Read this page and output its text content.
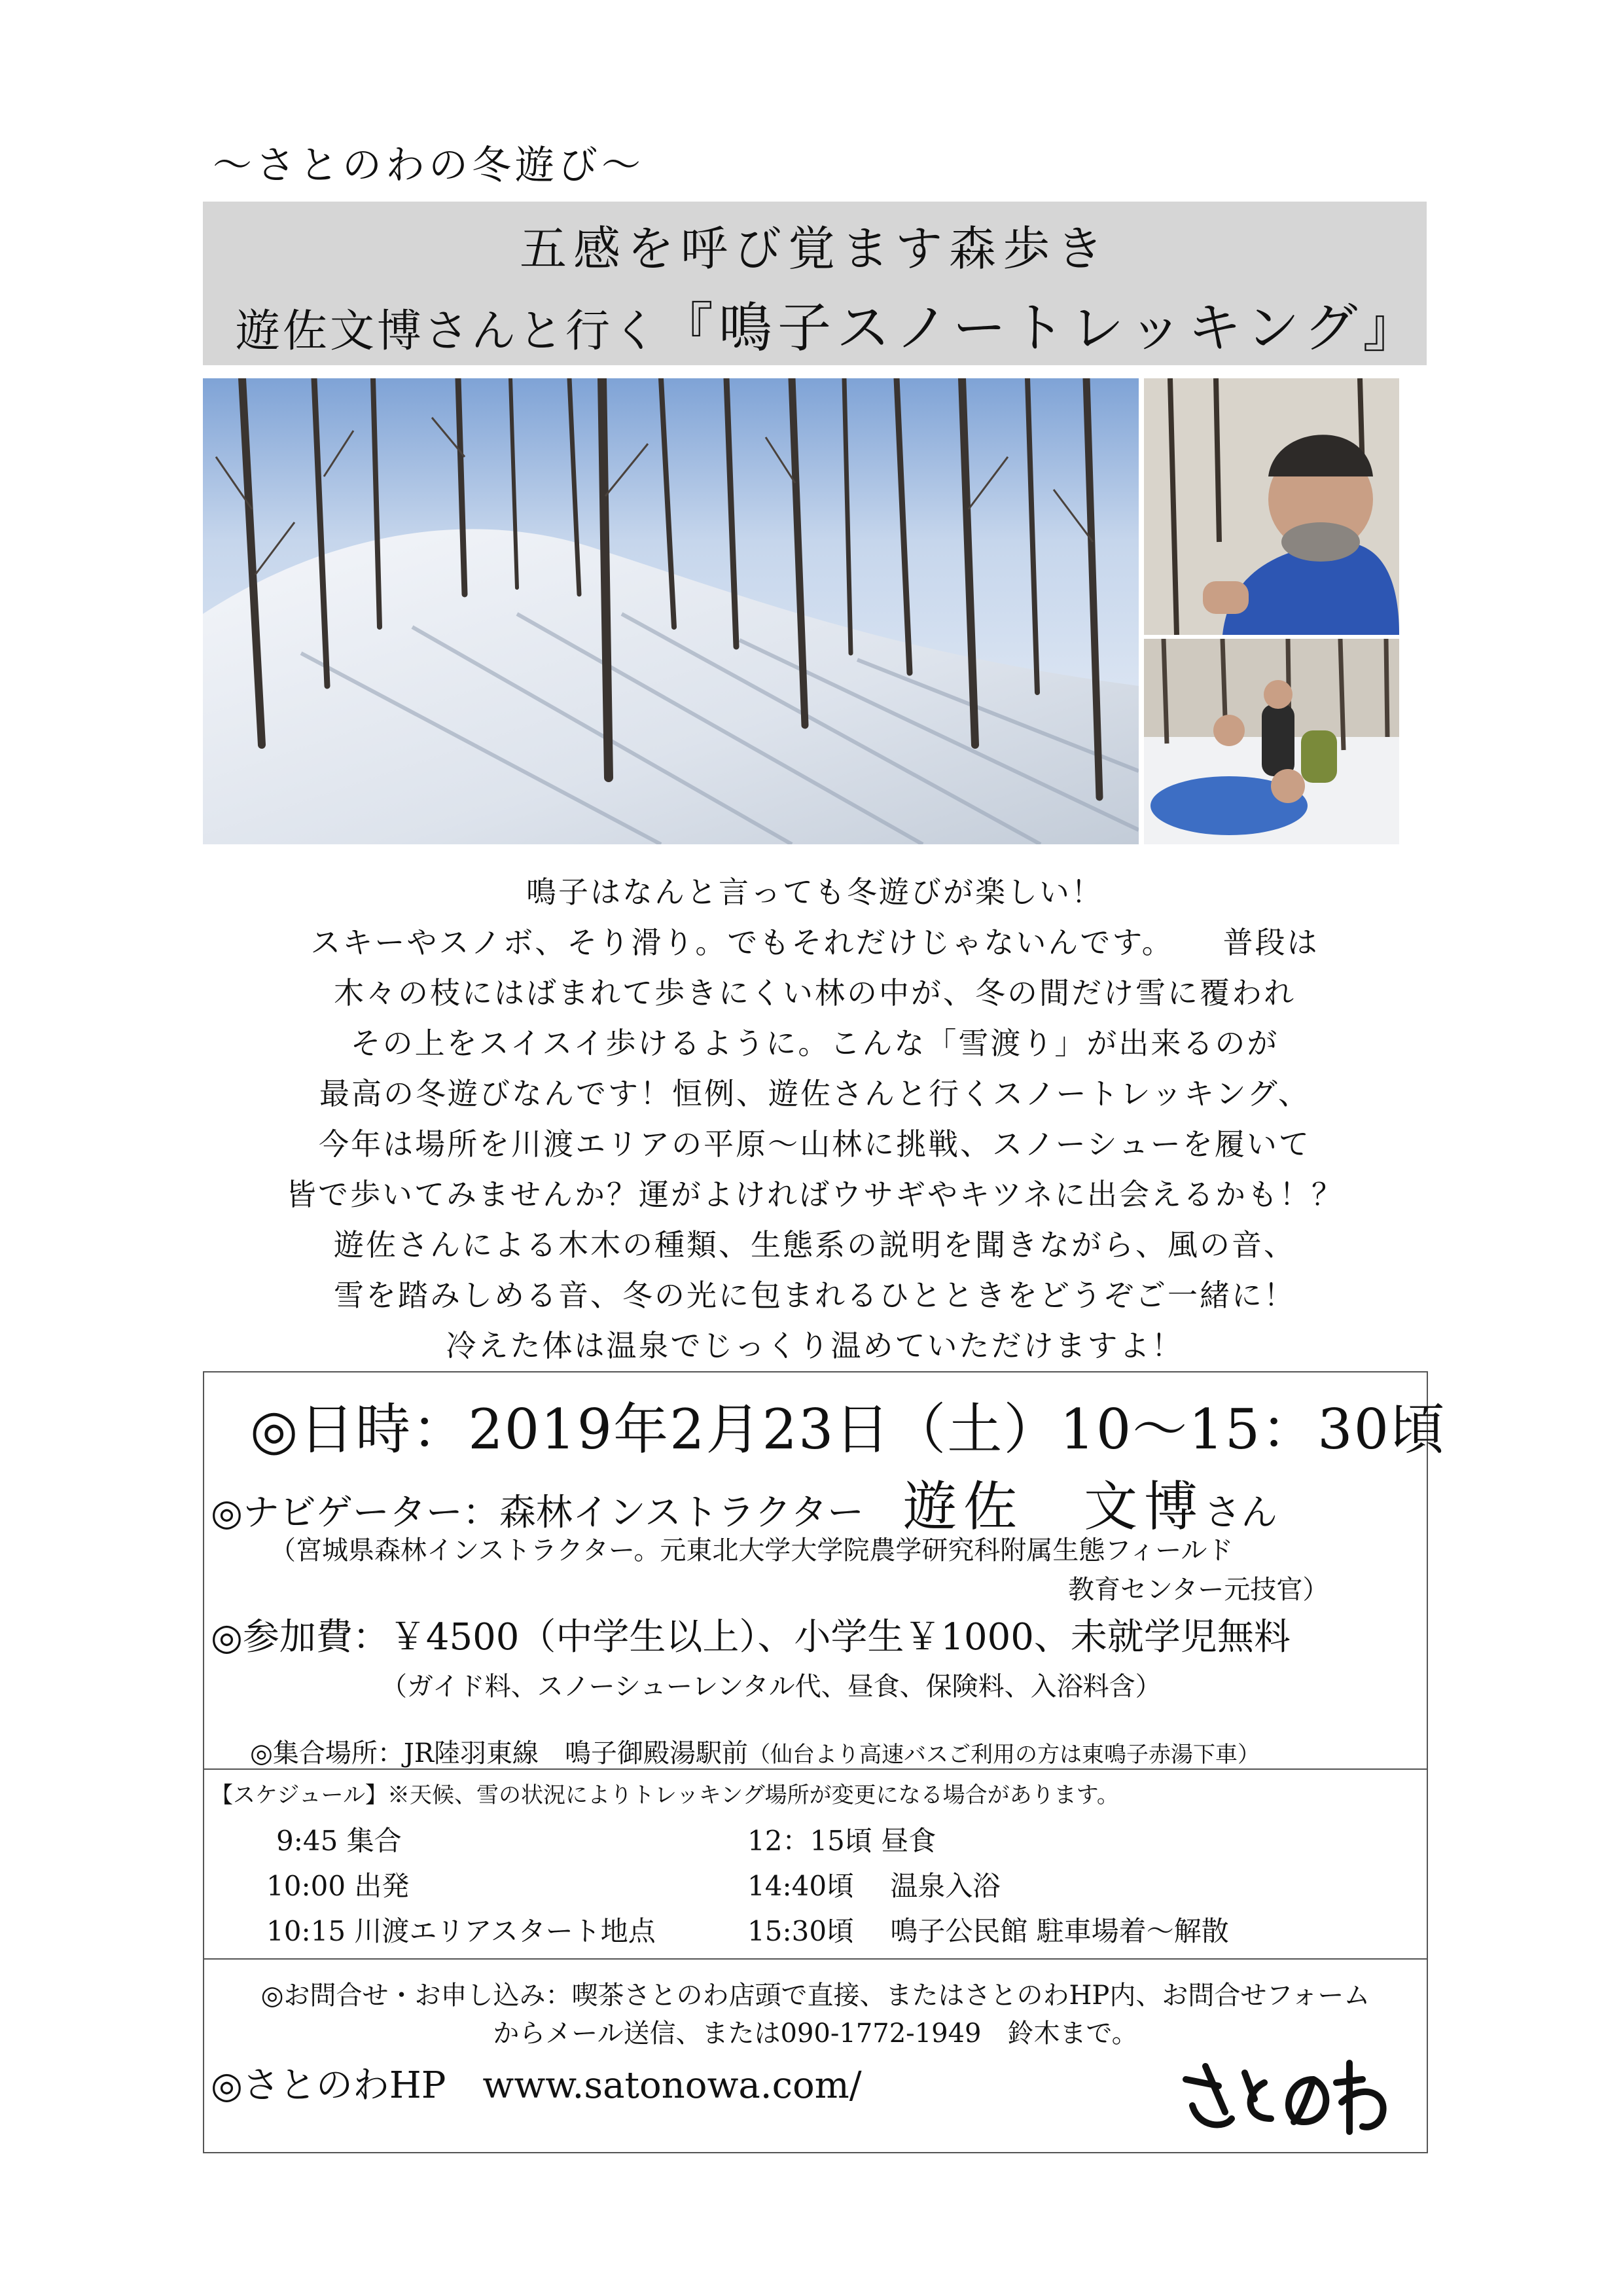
〜さとのわの冬遊び〜
五感を呼び覚ます森歩き
遊佐文博さんと行く『鳴子スノートレッキング』
鳴子はなんと言っても冬遊びが楽しい！
スキーやスノボ、そり滑り。でもそれだけじゃないんです。　　普段は
木々の枝にはばまれて歩きにくい林の中が、冬の間だけ雪に覆われ
その上をスイスイ歩けるように。こんな「雪渡り」が出来るのが
最高の冬遊びなんです！恒例、遊佐さんと行くスノートレッキング、
今年は場所を川渡エリアの平原〜山林に挑戦、スノーシューを履いて
皆で歩いてみませんか？運がよければウサギやキツネに出会えるかも！？
遊佐さんによる木木の種類、生態系の説明を聞きながら、風の音、
雪を踏みしめる音、冬の光に包まれるひとときをどうぞご一緒に！
冷えた体は温泉でじっくり温めていただけますよ！
◎日時：2019年2月23日（土）10〜15：30頃
◎ナビゲーター：森林インストラクター 遊佐　文博さん
（宮城県森林インストラクター。元東北大学大学院農学研究科附属生態フィールド
教育センター元技官）
◎参加費：￥4500（中学生以上）、小学生￥1000、未就学児無料
（ガイド料、スノーシューレンタル代、昼食、保険料、入浴料含）
◎集合場所：JR陸羽東線　鳴子御殿湯駅前（仙台より高速バスご利用の方は東鳴子赤湯下車）
【スケジュール】※天候、雪の状況によりトレッキング場所が変更になる場合があります。
9:45 集合
10:00 出発
10:15 川渡エリアスタート地点
12：15頃 昼食
14:40頃　 温泉入浴
15:30頃　 鳴子公民館 駐車場着〜解散
◎お問合せ・お申し込み：喫茶さとのわ店頭で直接、またはさとのわHP内、お問合せフォーム
からメール送信、または090-1772-1949　鈴木まで。
◎さとのわHP　www.satonowa.com/
